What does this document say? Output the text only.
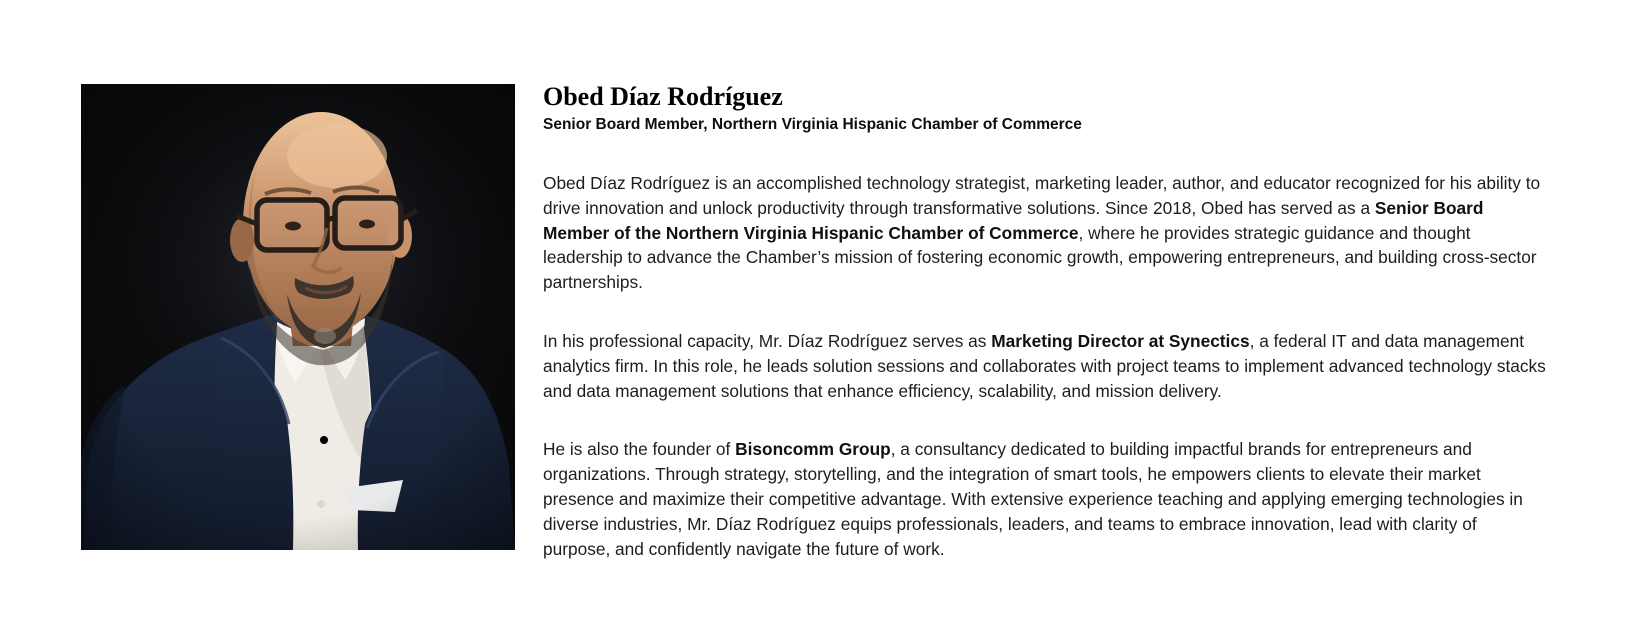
Obed Díaz Rodríguez
Senior Board Member, Northern Virginia Hispanic Chamber of Commerce

Obed Díaz Rodríguez is an accomplished technology strategist, marketing leader, author, and educator recognized for his ability to drive innovation and unlock productivity through transformative solutions. Since 2018, Obed has served as a Senior Board Member of the Northern Virginia Hispanic Chamber of Commerce, where he provides strategic guidance and thought leadership to advance the Chamber’s mission of fostering economic growth, empowering entrepreneurs, and building cross-sector partnerships.

In his professional capacity, Mr. Díaz Rodríguez serves as Marketing Director at Synectics, a federal IT and data management analytics firm. In this role, he leads solution sessions and collaborates with project teams to implement advanced technology stacks and data management solutions that enhance efficiency, scalability, and mission delivery.

He is also the founder of Bisoncomm Group, a consultancy dedicated to building impactful brands for entrepreneurs and organizations. Through strategy, storytelling, and the integration of smart tools, he empowers clients to elevate their market presence and maximize their competitive advantage. With extensive experience teaching and applying emerging technologies in diverse industries, Mr. Díaz Rodríguez equips professionals, leaders, and teams to embrace innovation, lead with clarity of purpose, and confidently navigate the future of work.
